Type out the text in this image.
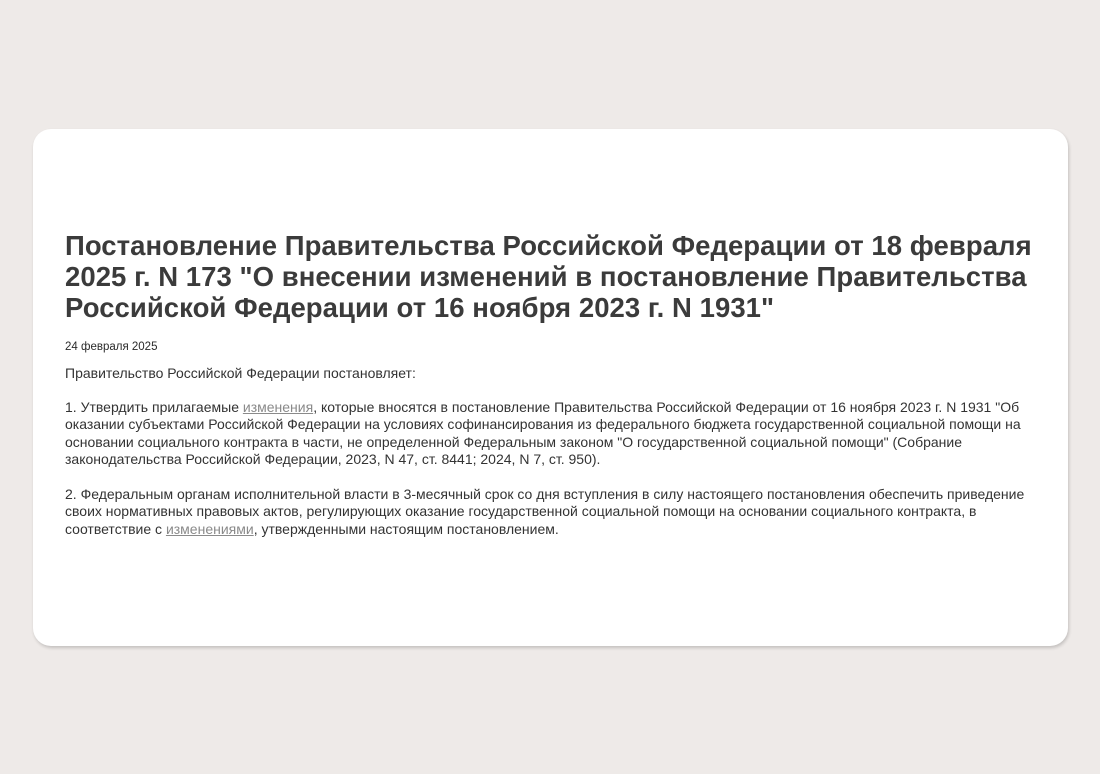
Постановление Правительства Российской Федерации от 18 февраля 2025 г. N 173 "О внесении изменений в постановление Правительства Российской Федерации от 16 ноября 2023 г. N 1931"
24 февраля 2025
Правительство Российской Федерации постановляет:
1. Утвердить прилагаемые изменения, которые вносятся в постановление Правительства Российской Федерации от 16 ноября 2023 г. N 1931 "Об оказании субъектами Российской Федерации на условиях софинансирования из федерального бюджета государственной социальной помощи на основании социального контракта в части, не определенной Федеральным законом "О государственной социальной помощи" (Собрание законодательства Российской Федерации, 2023, N 47, ст. 8441; 2024, N 7, ст. 950).
2. Федеральным органам исполнительной власти в 3-месячный срок со дня вступления в силу настоящего постановления обеспечить приведение своих нормативных правовых актов, регулирующих оказание государственной социальной помощи на основании социального контракта, в соответствие с изменениями, утвержденными настоящим постановлением.
